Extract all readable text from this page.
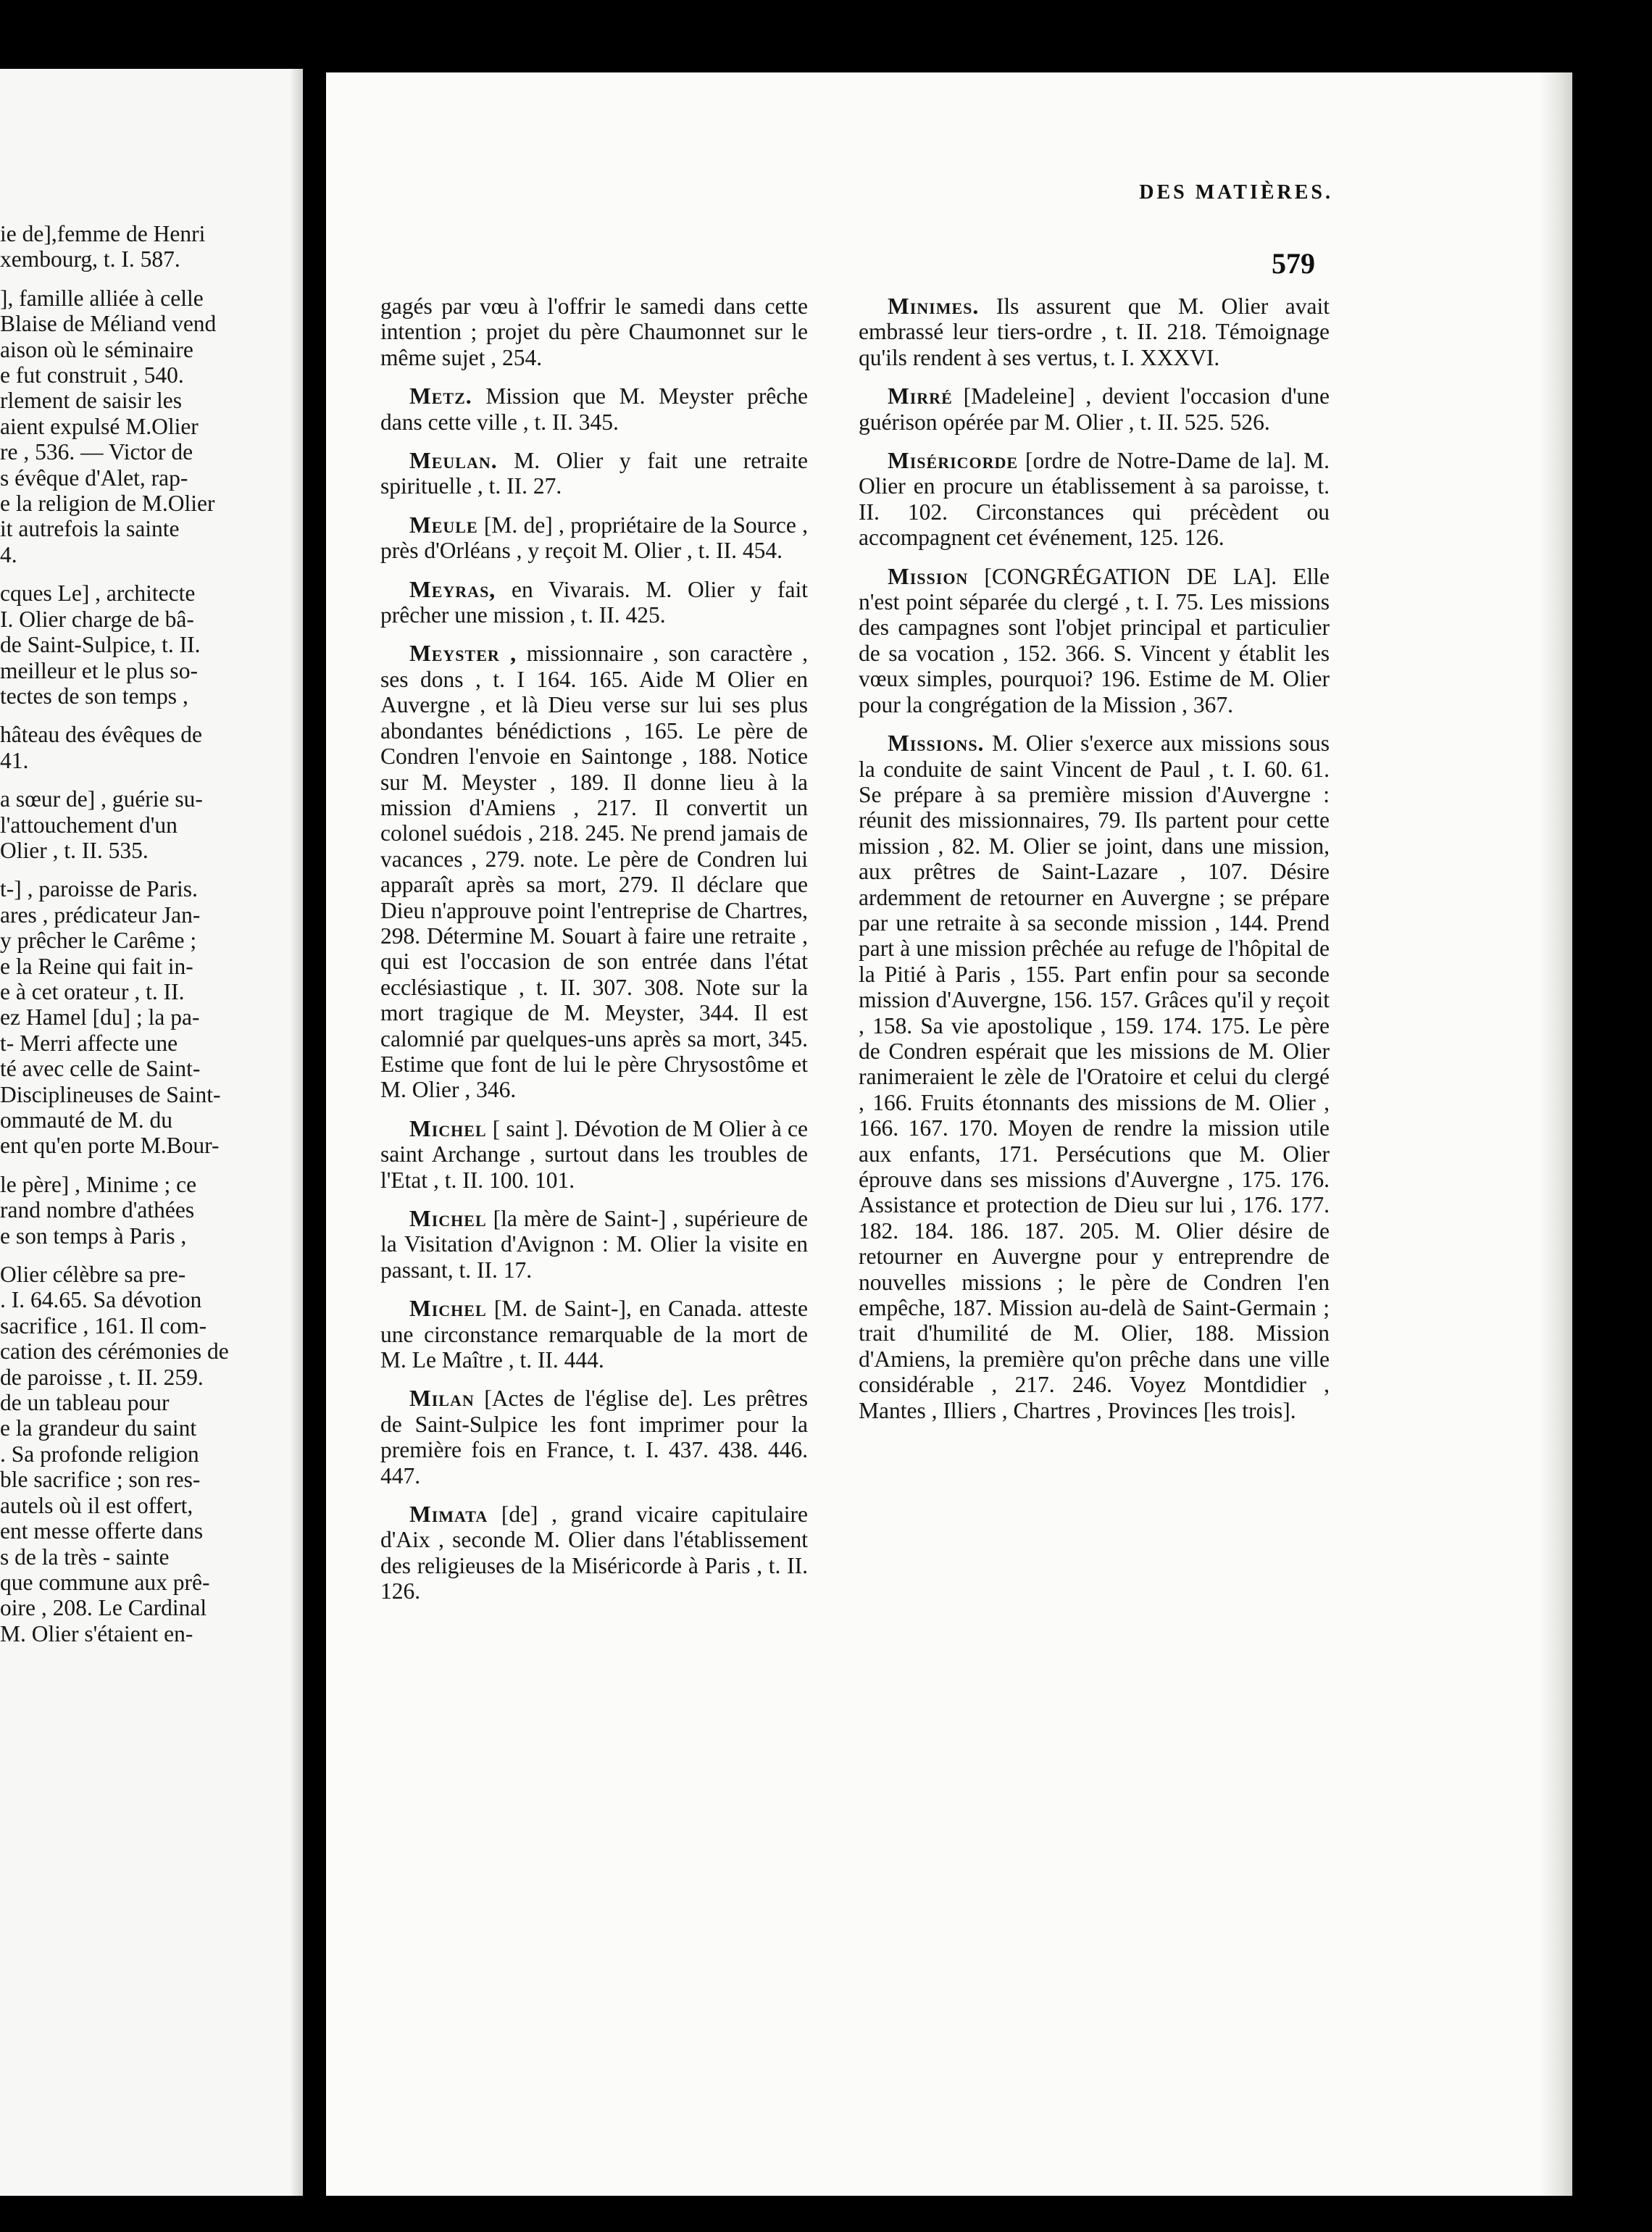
DES MATIÈRES.
579

ie de],femme de Henri

xembourg, t. I. 587.

], famille alliée à celle

Blaise de Méliand vend

aison où le séminaire

e fut construit , 540.

rlement de saisir les

aient expulsé M.Olier

re , 536. — Victor de

s évêque d'Alet, rap-

e la religion de M.Olier

it autrefois la sainte

4.

cques Le] , architecte

I. Olier charge de bâ-

de Saint-Sulpice, t. II.

meilleur et le plus so-

tectes de son temps ,

hâteau des évêques de

41.

a sœur de] , guérie su-

l'attouchement d'un

Olier , t. II. 535.

t-] , paroisse de Paris.

ares , prédicateur Jan-

y prêcher le Carême ;

e la Reine qui fait in-

e à cet orateur , t. II.

ez Hamel [du] ; la pa-

t- Merri affecte une

té avec celle de Saint-

Disciplineuses de Saint-

ommauté de M. du

ent qu'en porte M.Bour-

le père] , Minime ; ce

rand nombre d'athées

e son temps à Paris ,

Olier célèbre sa pre-

. I. 64.65. Sa dévotion

sacrifice , 161. Il com-

cation des cérémonies de

de paroisse , t. II. 259.

de un tableau pour

e la grandeur du saint

. Sa profonde religion

ble sacrifice ; son res-

autels où il est offert,

ent messe offerte dans

s de la très - sainte

que commune aux prê-

oire , 208. Le Cardinal

M. Olier s'étaient en-

gagés par vœu à l'offrir le samedi dans cette intention ; projet du père Chaumonnet sur le même sujet , 254.

Metz. Mission que M. Meyster prêche dans cette ville , t. II. 345.

Meulan. M. Olier y fait une retraite spirituelle , t. II. 27.

Meule [M. de] , propriétaire de la Source , près d'Orléans , y reçoit M. Olier , t. II. 454.

Meyras, en Vivarais. M. Olier y fait prêcher une mission , t. II. 425.

Meyster , missionnaire , son caractère , ses dons , t. I 164. 165. Aide M Olier en Auvergne , et là Dieu verse sur lui ses plus abondantes bénédictions , 165. Le père de Condren l'envoie en Saintonge , 188. Notice sur M. Meyster , 189. Il donne lieu à la mission d'Amiens , 217. Il convertit un colonel suédois , 218. 245. Ne prend jamais de vacances , 279. note. Le père de Condren lui apparaît après sa mort, 279. Il déclare que Dieu n'approuve point l'entreprise de Chartres, 298. Détermine M. Souart à faire une retraite , qui est l'occasion de son entrée dans l'état ecclésiastique , t. II. 307. 308. Note sur la mort tragique de M. Meyster, 344. Il est calomnié par quelques-uns après sa mort, 345. Estime que font de lui le père Chrysostôme et M. Olier , 346.

Michel [ saint ]. Dévotion de M Olier à ce saint Archange , surtout dans les troubles de l'Etat , t. II. 100. 101.

Michel [la mère de Saint-] , supérieure de la Visitation d'Avignon : M. Olier la visite en passant, t. II. 17.

Michel [M. de Saint-], en Canada. atteste une circonstance remarquable de la mort de M. Le Maître , t. II. 444.

Milan [Actes de l'église de]. Les prêtres de Saint-Sulpice les font imprimer pour la première fois en France, t. I. 437. 438. 446. 447.

Mimata [de] , grand vicaire capitulaire d'Aix , seconde M. Olier dans l'établissement des religieuses de la Miséricorde à Paris , t. II. 126.

Minimes. Ils assurent que M. Olier avait embrassé leur tiers-ordre , t. II. 218. Témoignage qu'ils rendent à ses vertus, t. I. XXXVI.

Mirré [Madeleine] , devient l'occasion d'une guérison opérée par M. Olier , t. II. 525. 526.

Miséricorde [ordre de Notre-Dame de la]. M. Olier en procure un établissement à sa paroisse, t. II. 102. Circonstances qui précèdent ou accompagnent cet événement, 125. 126.

Mission [CONGRÉGATION DE LA]. Elle n'est point séparée du clergé , t. I. 75. Les missions des campagnes sont l'objet principal et particulier de sa vocation , 152. 366. S. Vincent y établit les vœux simples, pourquoi? 196. Estime de M. Olier pour la congrégation de la Mission , 367.

Missions. M. Olier s'exerce aux missions sous la conduite de saint Vincent de Paul , t. I. 60. 61. Se prépare à sa première mission d'Auvergne : réunit des missionnaires, 79. Ils partent pour cette mission , 82. M. Olier se joint, dans une mission, aux prêtres de Saint-Lazare , 107. Désire ardemment de retourner en Auvergne ; se prépare par une retraite à sa seconde mission , 144. Prend part à une mission prêchée au refuge de l'hôpital de la Pitié à Paris , 155. Part enfin pour sa seconde mission d'Auvergne, 156. 157. Grâces qu'il y reçoit , 158. Sa vie apostolique , 159. 174. 175. Le père de Condren espérait que les missions de M. Olier ranimeraient le zèle de l'Oratoire et celui du clergé , 166. Fruits étonnants des missions de M. Olier , 166. 167. 170. Moyen de rendre la mission utile aux enfants, 171. Persécutions que M. Olier éprouve dans ses missions d'Auvergne , 175. 176. Assistance et protection de Dieu sur lui , 176. 177. 182. 184. 186. 187. 205. M. Olier désire de retourner en Auvergne pour y entreprendre de nouvelles missions ; le père de Condren l'en empêche, 187. Mission au-delà de Saint-Germain ; trait d'humilité de M. Olier, 188. Mission d'Amiens, la première qu'on prêche dans une ville considérable , 217. 246. Voyez Montdidier , Mantes , Illiers , Chartres , Provinces [les trois].
